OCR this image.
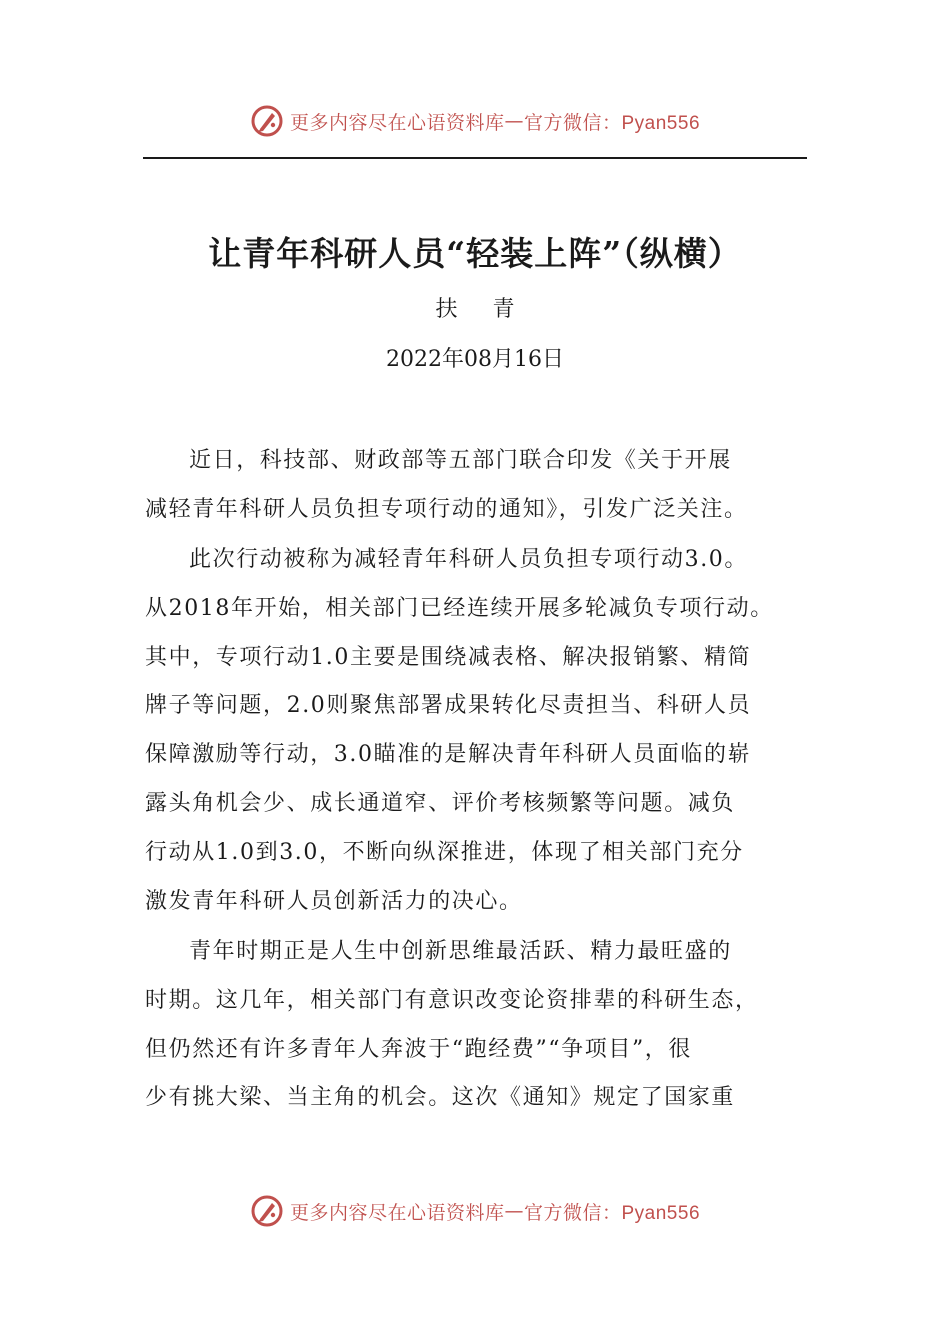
更多内容尽在心语资料库 — 官方微信：Pyan556
让青年科研人员“轻装上阵”（纵横）
扶 青
2022年08月16日

近日，科技部、财政部等五部门联合印发《关于开展
减轻青年科研人员负担专项行动的通知》，引发广泛关注。

此次行动被称为减轻青年科研人员负担专项行动3.0。
从2018年开始，相关部门已经连续开展多轮减负专项行动。
其中，专项行动1.0主要是围绕减表格、解决报销繁、精简
牌子等问题，2.0则聚焦部署成果转化尽责担当、科研人员
保障激励等行动，3.0瞄准的是解决青年科研人员面临的崭
露头角机会少、成长通道窄、评价考核频繁等问题。减负
行动从1.0到3.0，不断向纵深推进，体现了相关部门充分
激发青年科研人员创新活力的决心。

青年时期正是人生中创新思维最活跃、精力最旺盛的
时期。这几年，相关部门有意识改变论资排辈的科研生态，
但仍然还有许多青年人奔波于“跑经费”“争项目”，很
少有挑大梁、当主角的机会。这次《通知》规定了国家重

更多内容尽在心语资料库 — 官方微信：Pyan556
